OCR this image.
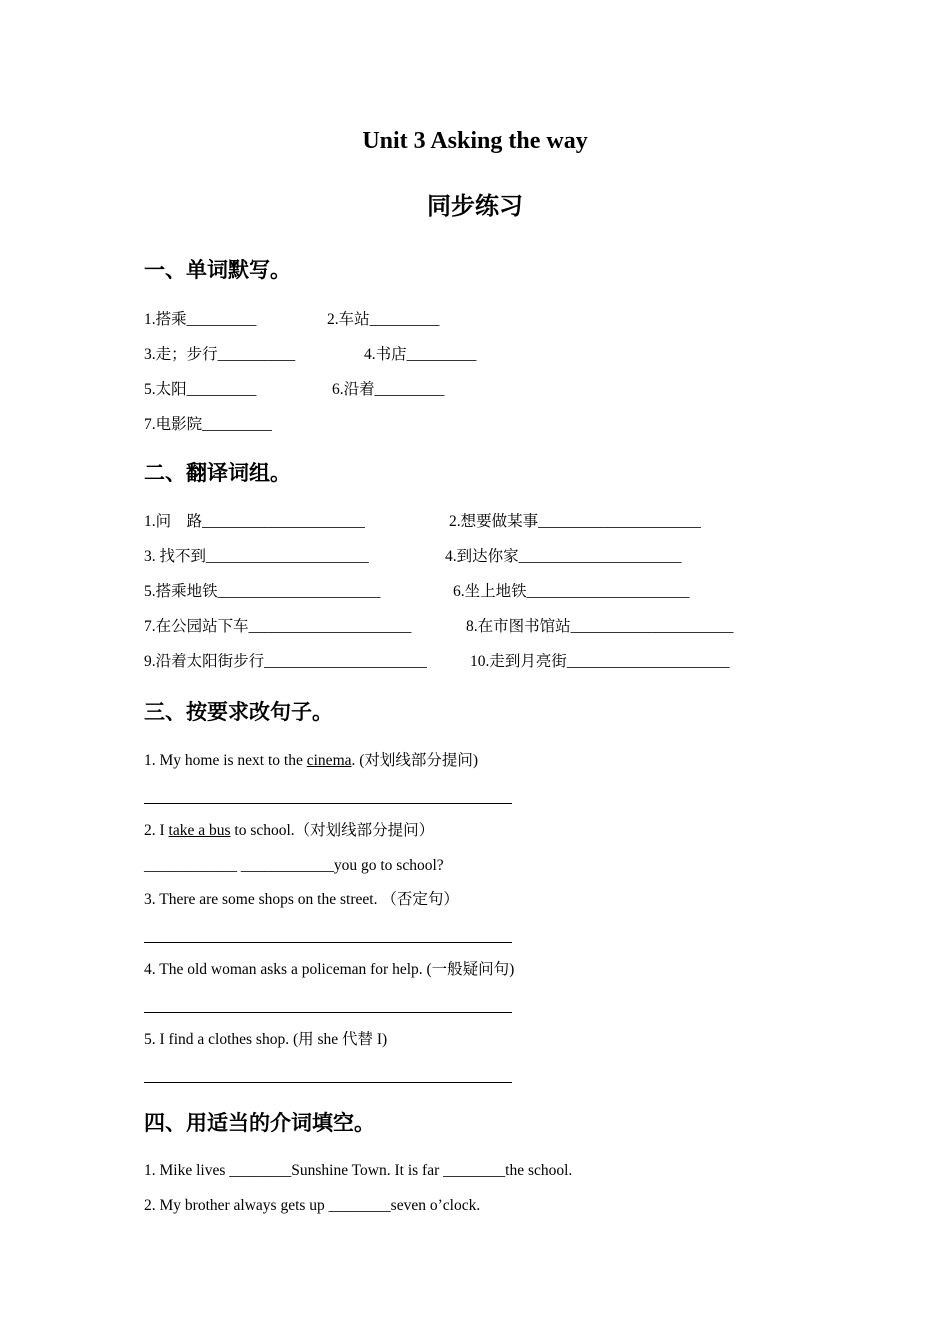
Unit 3 Asking the way
同步练习
一、单词默写。
1.搭乘_________	2.车站_________
3.走；步行__________	4.书店_________
5.太阳_________	6.沿着_________
7.电影院_________
二、翻译词组。
1.问　路_____________________	2.想要做某事_____________________
3. 找不到_____________________	4.到达你家_____________________
5.搭乘地铁_____________________	6.坐上地铁_____________________
7.在公园站下车_____________________	8.在市图书馆站_____________________
9.沿着太阳街步行_____________________	10.走到月亮街_____________________
三、按要求改句子。
1. My home is next to the cinema. (对划线部分提问)
2. I take a bus to school.（对划线部分提问）
____________ ____________you go to school?
3. There are some shops on the street. （否定句）
4. The old woman asks a policeman for help. (一般疑问句)
5. I find a clothes shop. (用 she 代替 I)
四、用适当的介词填空。
1. Mike lives ________Sunshine Town. It is far ________the school.
2. My brother always gets up ________seven o’clock.
